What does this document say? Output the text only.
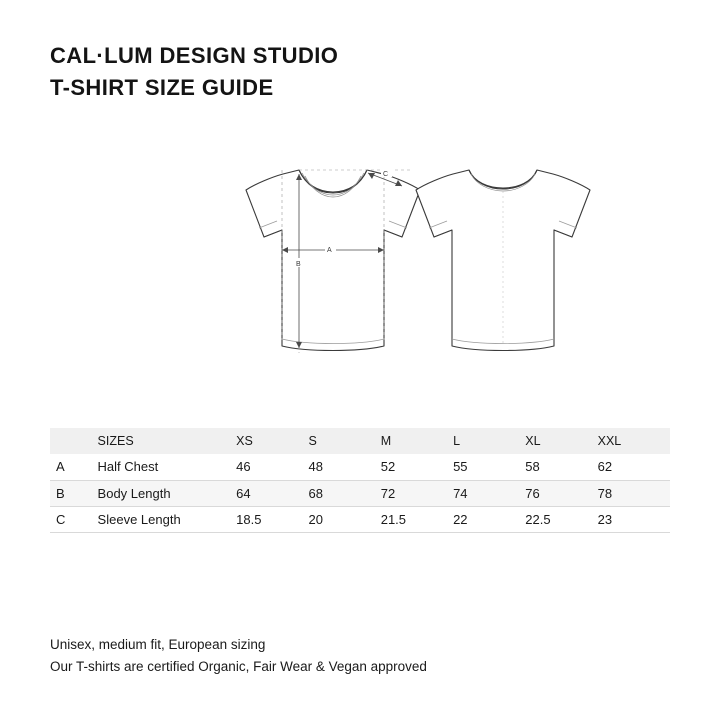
CAL·LUM DESIGN STUDIO
T-SHIRT SIZE GUIDE
A
B
C
	SIZES	XS	S	M	L	XL	XXL
A	Half Chest	46	48	52	55	58	62
B	Body Length	64	68	72	74	76	78
C	Sleeve Length	18.5	20	21.5	22	22.5	23
Unisex, medium fit, European sizing
Our T-shirts are certified Organic, Fair Wear & Vegan approved
